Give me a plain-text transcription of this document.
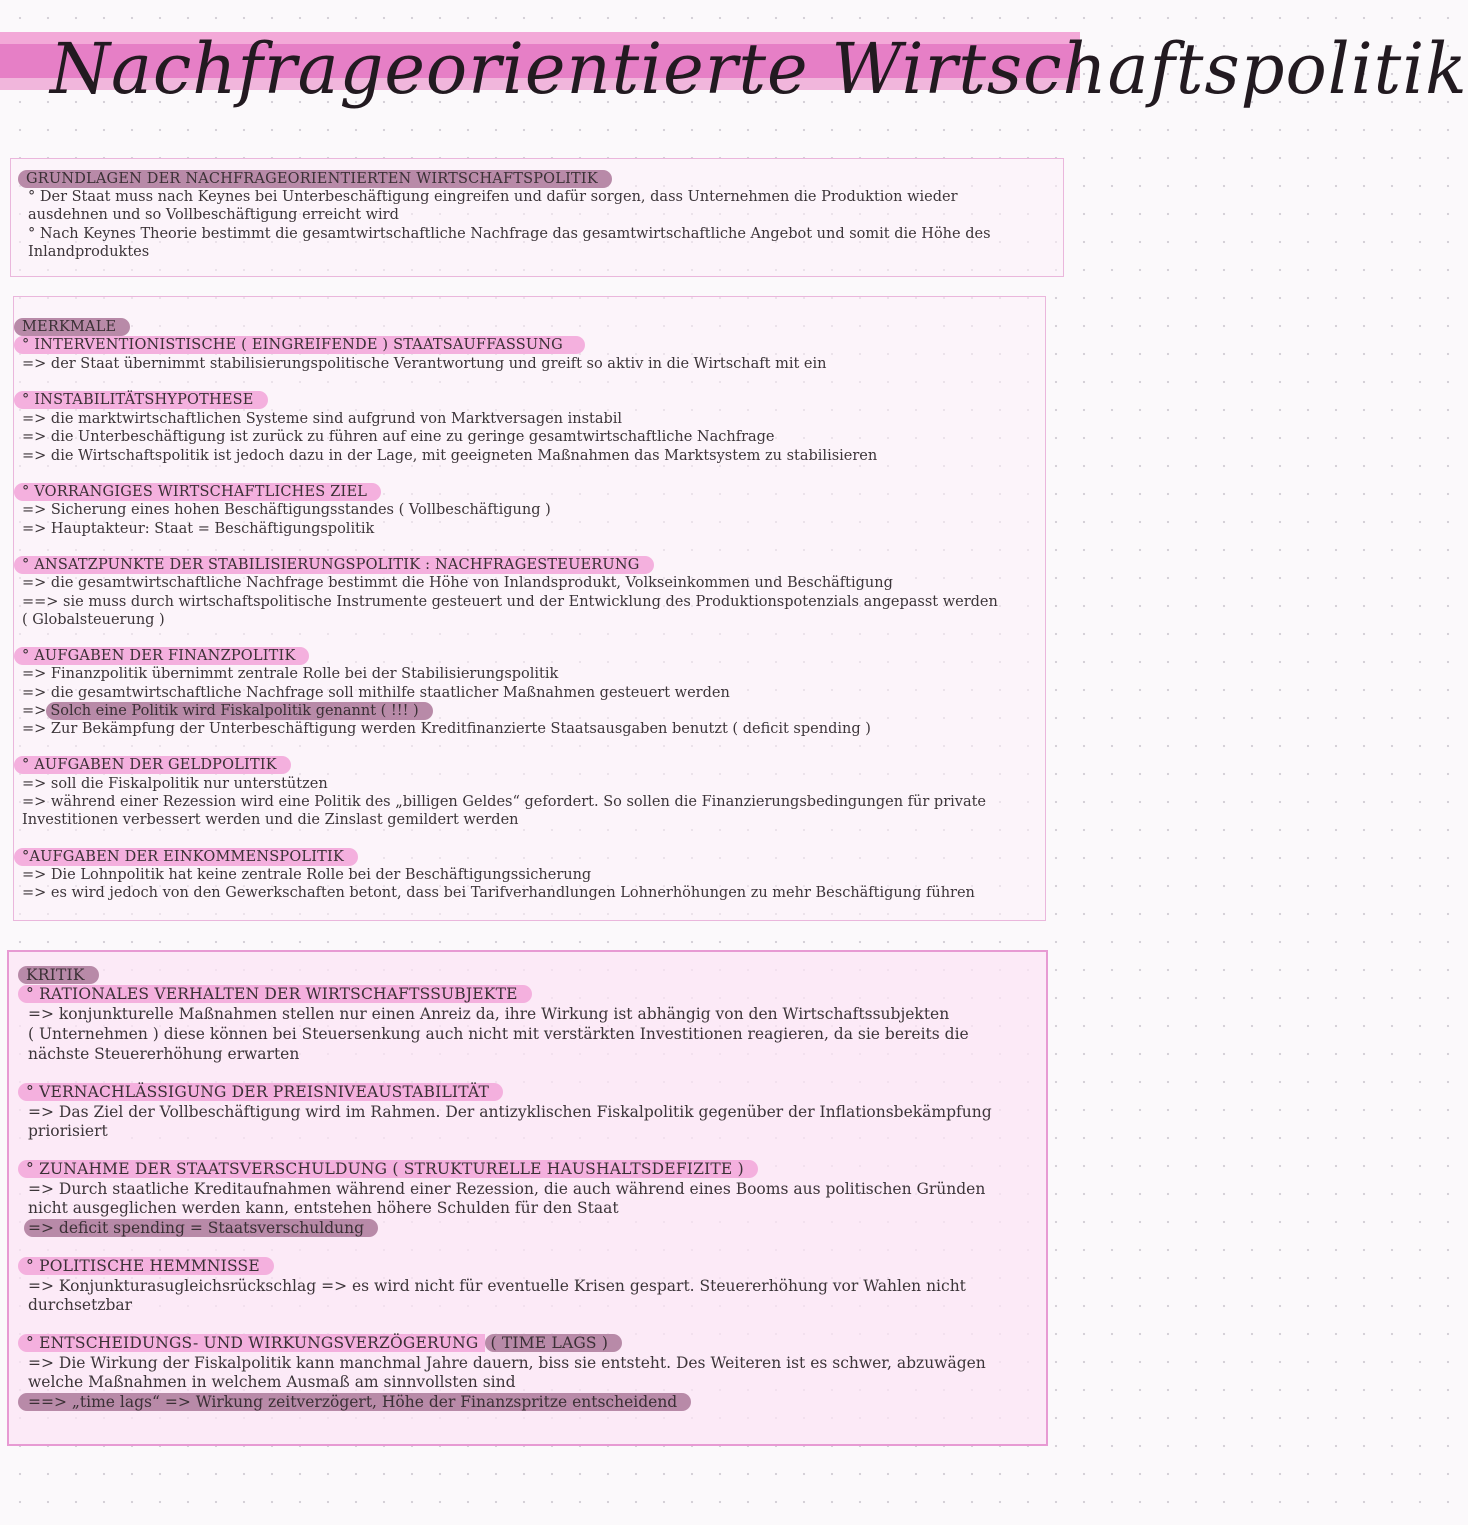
Nachfrageorientierte Wirtschaftspolitik
GRUNDLAGEN DER NACHFRAGEORIENTIERTEN WIRTSCHAFTSPOLITIK
° Der Staat muss nach Keynes bei Unterbeschäftigung eingreifen und dafür sorgen, dass Unternehmen die Produktion wieder
ausdehnen und so Vollbeschäftigung erreicht wird
° Nach Keynes Theorie bestimmt die gesamtwirtschaftliche Nachfrage das gesamtwirtschaftliche Angebot und somit die Höhe des
Inlandproduktes
MERKMALE
° INTERVENTIONISTISCHE ( EINGREIFENDE ) STAATSAUFFASSUNG
=> der Staat übernimmt stabilisierungspolitische Verantwortung und greift so aktiv in die Wirtschaft mit ein
° INSTABILITÄTSHYPOTHESE
=> die marktwirtschaftlichen Systeme sind aufgrund von Marktversagen instabil
=> die Unterbeschäftigung ist zurück zu führen auf eine zu geringe gesamtwirtschaftliche Nachfrage
=> die Wirtschaftspolitik ist jedoch dazu in der Lage, mit geeigneten Maßnahmen das Marktsystem zu stabilisieren
° VORRANGIGES WIRTSCHAFTLICHES ZIEL
=> Sicherung eines hohen Beschäftigungsstandes ( Vollbeschäftigung )
=> Hauptakteur: Staat = Beschäftigungspolitik
° ANSATZPUNKTE DER STABILISIERUNGSPOLITIK : NACHFRAGESTEUERUNG
=> die gesamtwirtschaftliche Nachfrage bestimmt die Höhe von Inlandsprodukt, Volkseinkommen und Beschäftigung
==> sie muss durch wirtschaftspolitische Instrumente gesteuert und der Entwicklung des Produktionspotenzials angepasst werden
( Globalsteuerung )
° AUFGABEN DER FINANZPOLITIK
=> Finanzpolitik übernimmt zentrale Rolle bei der Stabilisierungspolitik
=> die gesamtwirtschaftliche Nachfrage soll mithilfe staatlicher Maßnahmen gesteuert werden
=> Solch eine Politik wird Fiskalpolitik genannt ( !!! )
=> Zur Bekämpfung der Unterbeschäftigung werden Kreditfinanzierte Staatsausgaben benutzt ( deficit spending )
° AUFGABEN DER GELDPOLITIK
=> soll die Fiskalpolitik nur unterstützen
=> während einer Rezession wird eine Politik des „billigen Geldes“ gefordert. So sollen die Finanzierungsbedingungen für private
Investitionen verbessert werden und die Zinslast gemildert werden
°AUFGABEN DER EINKOMMENSPOLITIK
=> Die Lohnpolitik hat keine zentrale Rolle bei der Beschäftigungssicherung
=> es wird jedoch von den Gewerkschaften betont, dass bei Tarifverhandlungen Lohnerhöhungen zu mehr Beschäftigung führen
KRITIK
° RATIONALES VERHALTEN DER WIRTSCHAFTSSUBJEKTE
=> konjunkturelle Maßnahmen stellen nur einen Anreiz da, ihre Wirkung ist abhängig von den Wirtschaftssubjekten
( Unternehmen ) diese können bei Steuersenkung auch nicht mit verstärkten Investitionen reagieren, da sie bereits die
nächste Steuererhöhung erwarten
° VERNACHLÄSSIGUNG DER PREISNIVEAUSTABILITÄT
=> Das Ziel der Vollbeschäftigung wird im Rahmen. Der antizyklischen Fiskalpolitik gegenüber der Inflationsbekämpfung
priorisiert
° ZUNAHME DER STAATSVERSCHULDUNG ( STRUKTURELLE HAUSHALTSDEFIZITE )
=> Durch staatliche Kreditaufnahmen während einer Rezession, die auch während eines Booms aus politischen Gründen
nicht ausgeglichen werden kann, entstehen höhere Schulden für den Staat
=> deficit spending = Staatsverschuldung
° POLITISCHE HEMMNISSE
=> Konjunkturasugleichsrückschlag => es wird nicht für eventuelle Krisen gespart. Steuererhöhung vor Wahlen nicht
durchsetzbar
° ENTSCHEIDUNGS- UND WIRKUNGSVERZÖGERUNG ( TIME LAGS )
=> Die Wirkung der Fiskalpolitik kann manchmal Jahre dauern, biss sie entsteht. Des Weiteren ist es schwer, abzuwägen
welche Maßnahmen in welchem Ausmaß am sinnvollsten sind
==> „time lags“ => Wirkung zeitverzögert, Höhe der Finanzspritze entscheidend
